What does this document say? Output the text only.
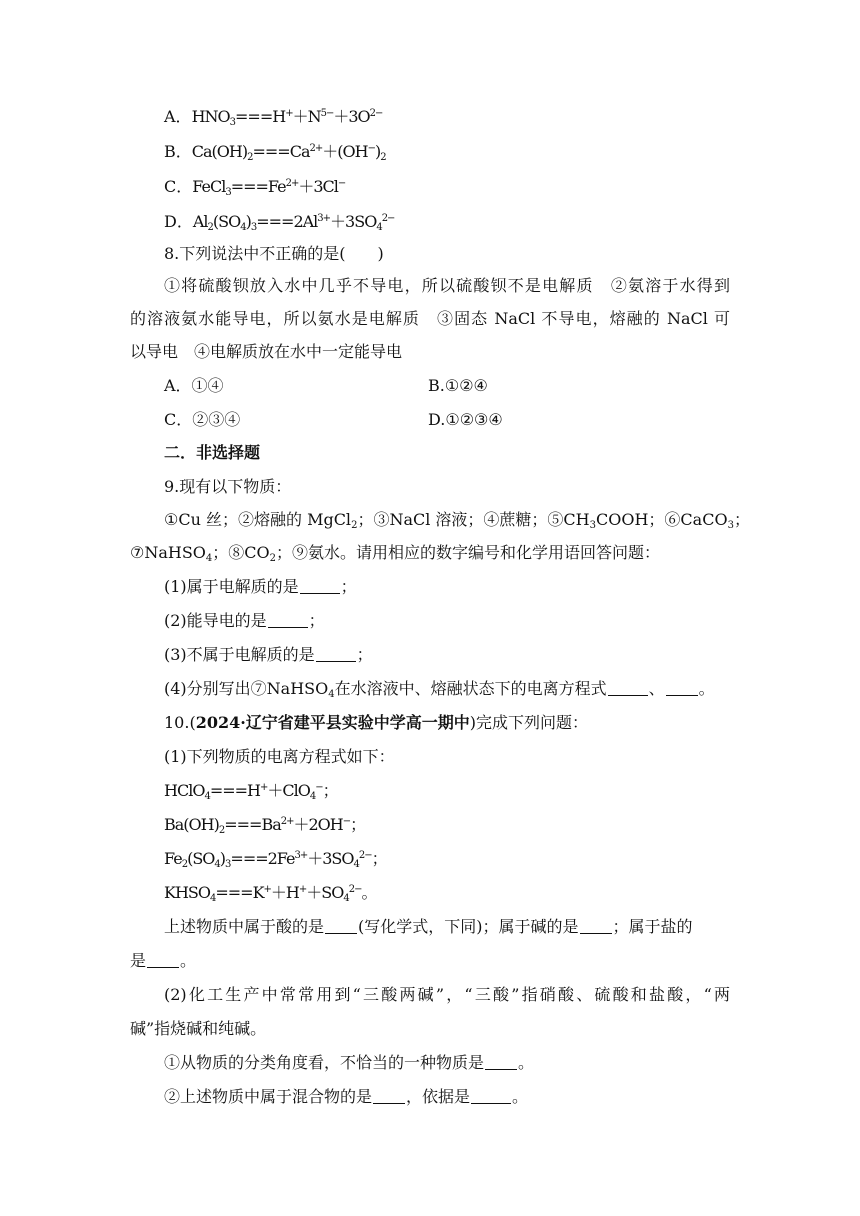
A．$HNO_3===H^++N^{5-}+3O^{2-}$
B．$Ca(OH)_2===Ca^{2+}+(OH^-)_2$
C．$FeCl_3===Fe^{2+}+3Cl^-$
D．$Al_2(SO_4)_3===2Al^{3+}+3SO_4^{2-}$
8.下列说法中不正确的是(　　)
①将硫酸钡放入水中几乎不导电，所以硫酸钡不是电解质　②氨溶于水得到
的溶液氨水能导电，所以氨水是电解质　③固态 NaCl 不导电，熔融的 NaCl 可
以导电　④电解质放在水中一定能导电
A．①④	B.①②④
C．②③④	D.①②③④
二．非选择题
9.现有以下物质：
①Cu 丝；②熔融的 MgCl$_2$；③NaCl 溶液；④蔗糖；$⑤CH_3COOH$；⑥CaCO$_3$；
⑦NaHSO$_4$；$⑧CO_2$；⑨氨水。请用相应的数字编号和化学用语回答问题：
(1)属于电解质的是	；
(2)能导电的是	；
(3)不属于电解质的是	；
(4)分别写出⑦NaHSO$_4$在水溶液中、熔融状态下的电离方程式	、 。
10.(2024·辽宁省建平县实验中学高一期中)完成下列问题：
(1)下列物质的电离方程式如下：
HClO$_4$===H+＋ClO$_4$−；
$Ba(OH)_2===Ba^{2+}+2OH^-$；
$Fe_2(SO_4)_3===2Fe^{3+}+3SO_4^{2-}$；
$KHSO_4===K^++H^++SO_4^{2-}$。
上述物质中属于酸的是 (写化学式，下同)；属于碱的是 ；属于盐的
是 。
(2)化工生产中常常用到“三酸两碱”，“三酸”指硝酸、硫酸和盐酸，“两
碱”指烧碱和纯碱。
①从物质的分类角度看，不恰当的一种物质是 。
②上述物质中属于混合物的是 ，依据是	。
